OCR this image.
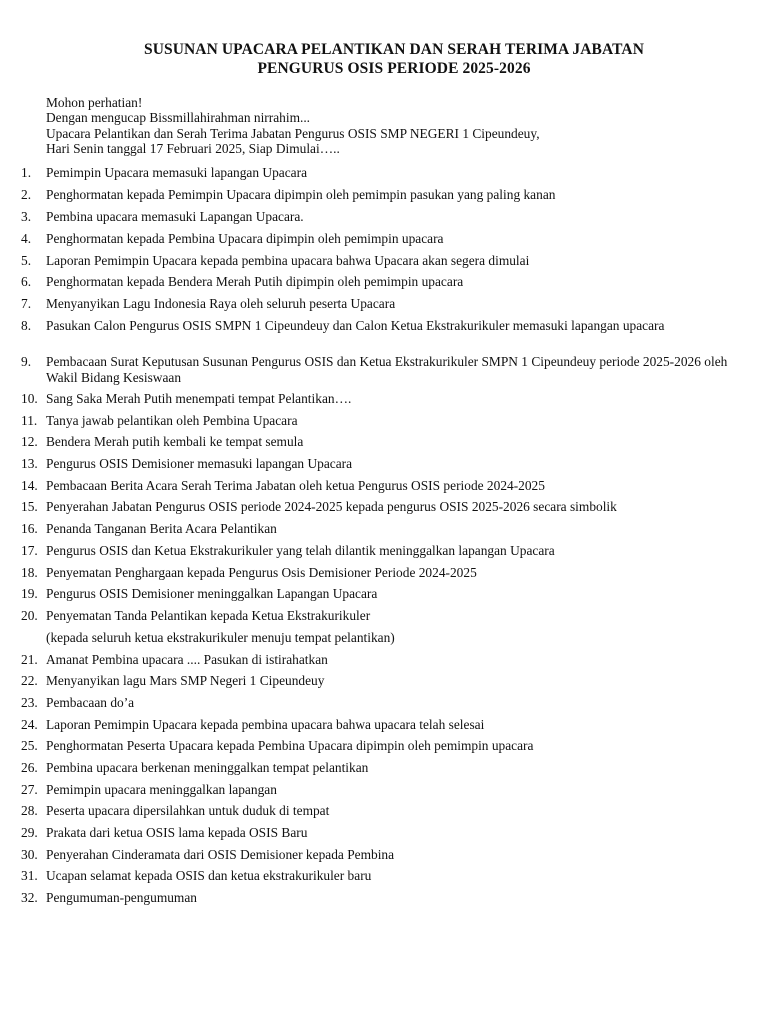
SUSUNAN UPACARA PELANTIKAN DAN SERAH TERIMA JABATAN
PENGURUS OSIS PERIODE 2025-2026
Mohon perhatian!
Dengan mengucap Bissmillahirahman nirrahim...
Upacara Pelantikan dan Serah Terima Jabatan Pengurus OSIS SMP NEGERI 1 Cipeundeuy,
Hari Senin tanggal 17 Februari 2025, Siap Dimulai…..
1.	Pemimpin Upacara memasuki lapangan Upacara
2.	Penghormatan kepada Pemimpin Upacara dipimpin oleh pemimpin pasukan yang paling kanan
3.	Pembina upacara memasuki Lapangan Upacara.
4.	Penghormatan kepada Pembina Upacara dipimpin oleh pemimpin upacara
5.	Laporan Pemimpin Upacara kepada pembina upacara bahwa Upacara akan segera dimulai
6.	Penghormatan kepada Bendera Merah Putih dipimpin oleh pemimpin upacara
7.	Menyanyikan Lagu Indonesia Raya oleh seluruh peserta Upacara
8.	Pasukan Calon Pengurus OSIS SMPN 1 Cipeundeuy dan Calon Ketua Ekstrakurikuler memasuki lapangan upacara
9.	Pembacaan Surat Keputusan Susunan Pengurus OSIS dan Ketua Ekstrakurikuler SMPN 1 Cipeundeuy periode 2025-2026 oleh Wakil Bidang Kesiswaan
10. Sang Saka Merah Putih menempati tempat Pelantikan….
11. Tanya jawab pelantikan oleh Pembina Upacara
12. Bendera Merah putih kembali ke tempat semula
13. Pengurus OSIS Demisioner memasuki lapangan Upacara
14. Pembacaan Berita Acara Serah Terima Jabatan oleh ketua Pengurus OSIS periode 2024-2025
15. Penyerahan Jabatan Pengurus OSIS periode 2024-2025 kepada pengurus OSIS 2025-2026 secara simbolik
16. Penanda Tanganan Berita Acara Pelantikan
17. Pengurus OSIS dan Ketua Ekstrakurikuler yang telah dilantik meninggalkan lapangan Upacara
18. Penyematan Penghargaan kepada Pengurus Osis Demisioner Periode 2024-2025
19. Pengurus OSIS Demisioner meninggalkan Lapangan Upacara
20. Penyematan Tanda Pelantikan kepada Ketua Ekstrakurikuler
21. Amanat Pembina upacara .... Pasukan di istirahatkan
22. Menyanyikan lagu Mars SMP Negeri 1 Cipeundeuy
23. Pembacaan do’a
24. Laporan Pemimpin Upacara kepada pembina upacara bahwa upacara telah selesai
25. Penghormatan Peserta Upacara kepada Pembina Upacara dipimpin oleh pemimpin upacara
26. Pembina upacara berkenan meninggalkan tempat pelantikan
27. Pemimpin upacara meninggalkan lapangan
28. Peserta upacara dipersilahkan untuk duduk di tempat
29. Prakata dari ketua OSIS lama kepada OSIS Baru
30. Penyerahan Cinderamata dari OSIS Demisioner kepada Pembina
31. Ucapan selamat kepada OSIS dan ketua ekstrakurikuler baru
32. Pengumuman-pengumuman
(kepada seluruh ketua ekstrakurikuler menuju tempat pelantikan)
